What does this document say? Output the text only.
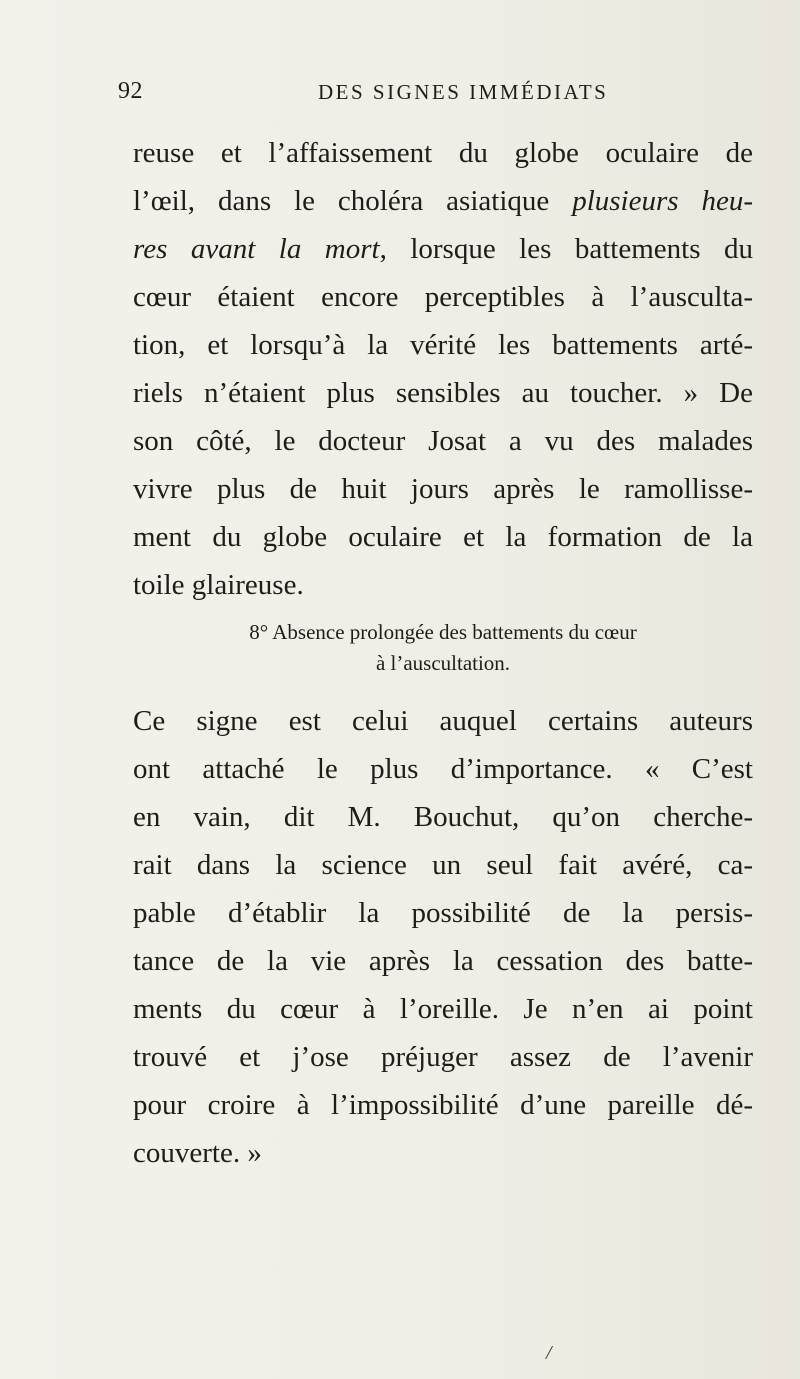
92	DES SIGNES IMMÉDIATS
reuse et l’affaissement du globe oculaire de
l’œil, dans le choléra asiatique plusieurs heu-
res avant la mort, lorsque les battements du
cœur étaient encore perceptibles à l’ausculta-
tion, et lorsqu’à la vérité les battements arté-
riels n’étaient plus sensibles au toucher. » De
son côté, le docteur Josat a vu des malades
vivre plus de huit jours après le ramollisse-
ment du globe oculaire et la formation de la
toile glaireuse.
8° Absence prolongée des battements du cœur
à l’auscultation.
Ce signe est celui auquel certains auteurs
ont attaché le plus d’importance. « C’est
en vain, dit M. Bouchut, qu’on cherche-
rait dans la science un seul fait avéré, ca-
pable d’établir la possibilité de la persis-
tance de la vie après la cessation des batte-
ments du cœur à l’oreille. Je n’en ai point
trouvé et j’ose préjuger assez de l’avenir
pour croire à l’impossibilité d’une pareille dé-
couverte. »
/
